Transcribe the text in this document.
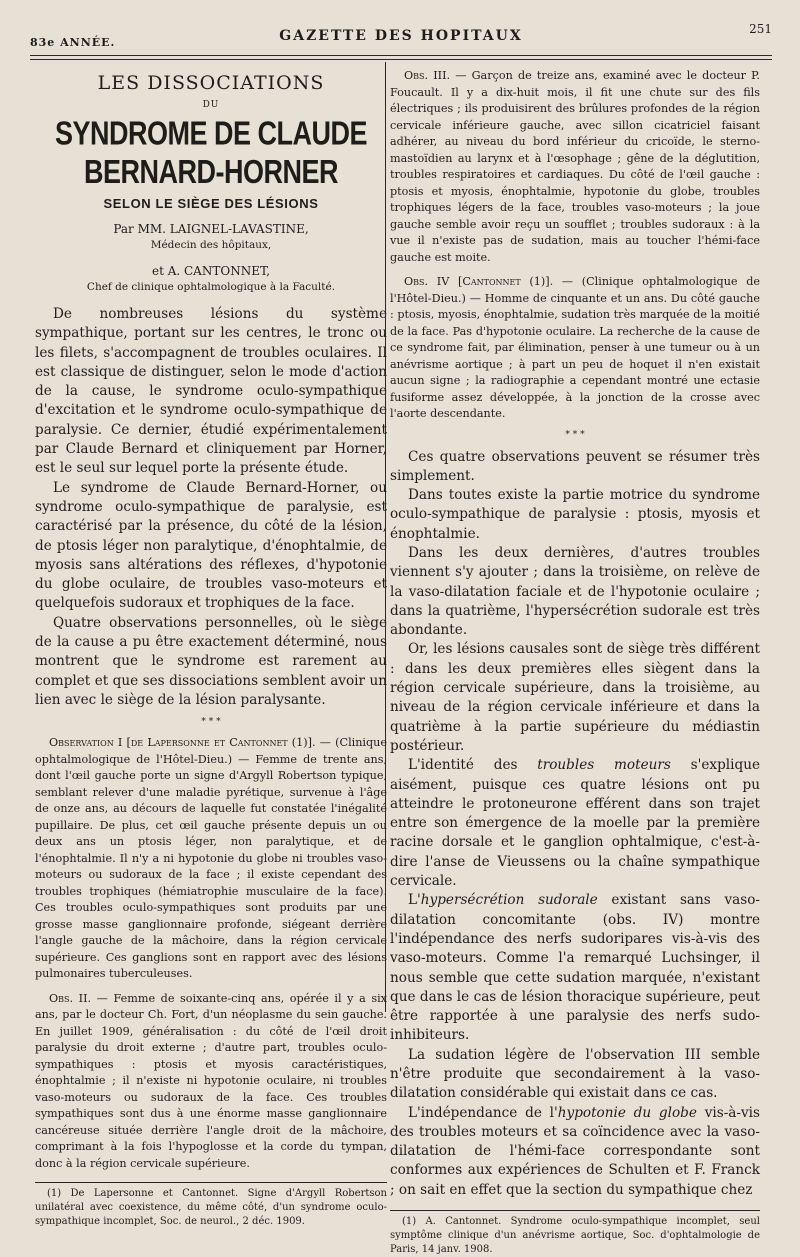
83e ANNÉE.	GAZETTE DES HOPITAUX	251
LES DISSOCIATIONS
DU
SYNDROME DE CLAUDE BERNARD-HORNER
SELON LE SIÈGE DES LÉSIONS
Par MM. LAIGNEL-LAVASTINE,
Médecin des hôpitaux,
et A. CANTONNET,
Chef de clinique ophtalmologique à la Faculté.

De nombreuses lésions du système sympathique, portant sur les centres, le tronc ou les filets, s'accompagnent de troubles oculaires. Il est classique de distinguer, selon le mode d'action de la cause, le syndrome oculo-sympathique d'excitation et le syndrome oculo-sympathique de paralysie. Ce dernier, étudié expérimentalement par Claude Bernard et cliniquement par Horner, est le seul sur lequel porte la présente étude.

Le syndrome de Claude Bernard-Horner, ou syndrome oculo-sympathique de paralysie, est caractérisé par la présence, du côté de la lésion, de ptosis léger non paralytique, d'énophtalmie, de myosis sans altérations des réflexes, d'hypotonie du globe oculaire, de troubles vaso-moteurs et quelquefois sudoraux et trophiques de la face.

Quatre observations personnelles, où le siège de la cause a pu être exactement déterminé, nous montrent que le syndrome est rarement au complet et que ses dissociations semblent avoir un lien avec le siège de la lésion paralysante.

* * *

Observation I [de Lapersonne et Cantonnet (1)]. — (Clinique ophtalmologique de l'Hôtel-Dieu.) — Femme de trente ans, dont l'œil gauche porte un signe d'Argyll Robertson typique, semblant relever d'une maladie pyrétique, survenue à l'âge de onze ans, au décours de laquelle fut constatée l'inégalité pupillaire. De plus, cet œil gauche présente depuis un ou deux ans un ptosis léger, non paralytique, et de l'énophtalmie. Il n'y a ni hypotonie du globe ni troubles vaso-moteurs ou sudoraux de la face ; il existe cependant des troubles trophiques (hémiatrophie musculaire de la face). Ces troubles oculo-sympathiques sont produits par une grosse masse ganglionnaire profonde, siégeant derrière l'angle gauche de la mâchoire, dans la région cervicale supérieure. Ces ganglions sont en rapport avec des lésions pulmonaires tuberculeuses.

Obs. II. — Femme de soixante-cinq ans, opérée il y a six ans, par le docteur Ch. Fort, d'un néoplasme du sein gauche. En juillet 1909, généralisation : du côté de l'œil droit paralysie du droit externe ; d'autre part, troubles oculo-sympathiques : ptosis et myosis caractéristiques, énophtalmie ; il n'existe ni hypotonie oculaire, ni troubles vaso-moteurs ou sudoraux de la face. Ces troubles sympathiques sont dus à une énorme masse ganglionnaire cancéreuse située derrière l'angle droit de la mâchoire, comprimant à la fois l'hypoglosse et la corde du tympan, donc à la région cervicale supérieure.

(1) De Lapersonne et Cantonnet. Signe d'Argyll Robertson unilatéral avec coexistence, du même côté, d'un syndrome oculo-sympathique incomplet, Soc. de neurol., 2 déc. 1909.

Obs. III. — Garçon de treize ans, examiné avec le docteur P. Foucault. Il y a dix-huit mois, il fit une chute sur des fils électriques ; ils produisirent des brûlures profondes de la région cervicale inférieure gauche, avec sillon cicatriciel faisant adhérer, au niveau du bord inférieur du cricoïde, le sterno-mastoïdien au larynx et à l'œsophage ; gêne de la déglutition, troubles respiratoires et cardiaques. Du côté de l'œil gauche : ptosis et myosis, énophtalmie, hypotonie du globe, troubles trophiques légers de la face, troubles vaso-moteurs ; la joue gauche semble avoir reçu un soufflet ; troubles sudoraux : à la vue il n'existe pas de sudation, mais au toucher l'hémi-face gauche est moite.

Obs. IV [Cantonnet (1)]. — (Clinique ophtalmologique de l'Hôtel-Dieu.) — Homme de cinquante et un ans. Du côté gauche : ptosis, myosis, énophtalmie, sudation très marquée de la moitié de la face. Pas d'hypotonie oculaire. La recherche de la cause de ce syndrome fait, par élimination, penser à une tumeur ou à un anévrisme aortique ; à part un peu de hoquet il n'en existait aucun signe ; la radiographie a cependant montré une ectasie fusiforme assez développée, à la jonction de la crosse avec l'aorte descendante.

* * *

Ces quatre observations peuvent se résumer très simplement.

Dans toutes existe la partie motrice du syndrome oculo-sympathique de paralysie : ptosis, myosis et énophtalmie.

Dans les deux dernières, d'autres troubles viennent s'y ajouter ; dans la troisième, on relève de la vaso-dilatation faciale et de l'hypotonie oculaire ; dans la quatrième, l'hypersécrétion sudorale est très abondante.

Or, les lésions causales sont de siège très différent : dans les deux premières elles siègent dans la région cervicale supérieure, dans la troisième, au niveau de la région cervicale inférieure et dans la quatrième à la partie supérieure du médiastin postérieur.

L'identité des troubles moteurs s'explique aisément, puisque ces quatre lésions ont pu atteindre le protoneurone efférent dans son trajet entre son émergence de la moelle par la première racine dorsale et le ganglion ophtalmique, c'est-à-dire l'anse de Vieussens ou la chaîne sympathique cervicale.

L'hypersécrétion sudorale existant sans vaso-dilatation concomitante (obs. IV) montre l'indépendance des nerfs sudoripares vis-à-vis des vaso-moteurs. Comme l'a remarqué Luchsinger, il nous semble que cette sudation marquée, n'existant que dans le cas de lésion thoracique supérieure, peut être rapportée à une paralysie des nerfs sudo-inhibiteurs.

La sudation légère de l'observation III semble n'être produite que secondairement à la vaso-dilatation considérable qui existait dans ce cas.

L'indépendance de l'hypotonie du globe vis-à-vis des troubles moteurs et sa coïncidence avec la vaso-dilatation de l'hémi-face correspondante sont conformes aux expériences de Schulten et F. Franck ; on sait en effet que la section du sympathique chez

(1) A. Cantonnet. Syndrome oculo-sympathique incomplet, seul symptôme clinique d'un anévrisme aortique, Soc. d'ophtalmologie de Paris, 14 janv. 1908.
